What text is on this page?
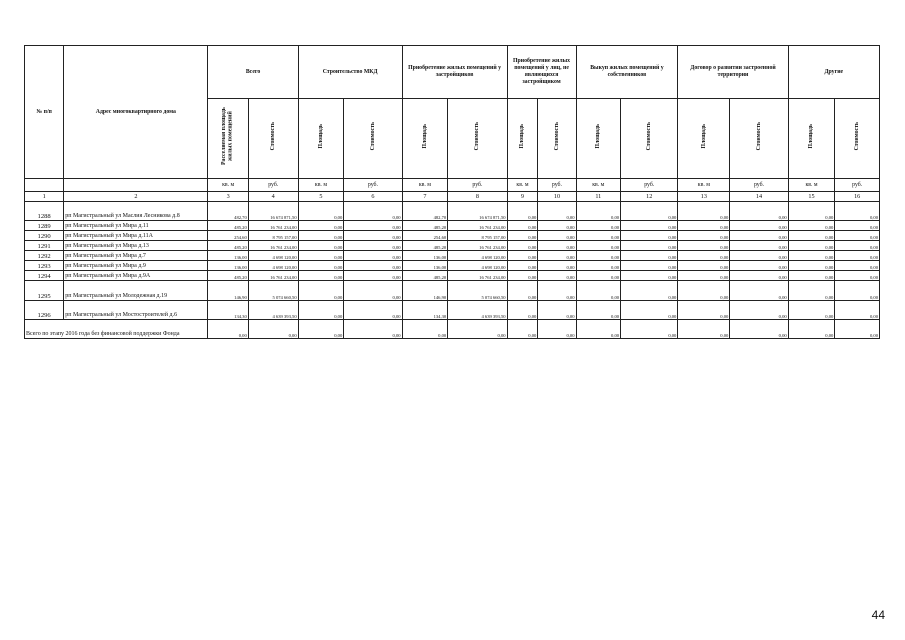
№ п/п	Адрес многоквартирного дома	Всего		Строительство МКД		Приобретение жилых помещений у застройщиков		Приобретение жилых помещений у лиц, не являющихся застройщиком		Выкуп жилых помещений у собственников		Договор о развитии застроенной территории		Другие	
		Расселяемая площадь жилых помещений	Стоимость	Площадь	Стоимость	Площадь	Стоимость	Площадь	Стоимость	Площадь	Стоимость	Площадь	Стоимость	Площадь	Стоимость
		кв. м	руб.	кв. м	руб.	кв. м	руб.	кв. м	руб.	кв. м	руб.	кв. м	руб.	кв. м	руб.
1	2	3	4	5	6	7	8	9	10	11	12	13	14	15	16
1288	рп Магистральный ул Маслия Лесникова д.8	482,70	16 674 871,50	0,00	0,00	482,70	16 674 871,50	0,00	0,00	0,00	0,00	0,00	0,00	0,00	0,00
1289	рп Магистральный ул Мира д.11	485,20	16 761 234,00	0,00	0,00	485,20	16 761 234,00	0,00	0,00	0,00	0,00	0,00	0,00	0,00	0,00
1290	рп Магистральный ул Мира д.11А	254,60	8 795 157,00	0,00	0,00	254,60	8 795 157,00	0,00	0,00	0,00	0,00	0,00	0,00	0,00	0,00
1291	рп Магистральный ул Мира д.13	485,20	16 761 234,00	0,00	0,00	485,20	16 761 234,00	0,00	0,00	0,00	0,00	0,00	0,00	0,00	0,00
1292	рп Магистральный ул Мира д.7	136,00	4 698 120,00	0,00	0,00	136,00	4 698 120,00	0,00	0,00	0,00	0,00	0,00	0,00	0,00	0,00
1293	рп Магистральный ул Мира д.9	136,00	4 698 120,00	0,00	0,00	136,00	4 698 120,00	0,00	0,00	0,00	0,00	0,00	0,00	0,00	0,00
1294	рп Магистральный ул Мира д.9А	485,20	16 761 234,00	0,00	0,00	485,20	16 761 234,00	0,00	0,00	0,00	0,00	0,00	0,00	0,00	0,00
1295	рп Магистральный ул Молодежная д.19	146,90	5 074 660,50	0,00	0,00	146,90	5 074 660,50	0,00	0,00	0,00	0,00	0,00	0,00	0,00	0,00
1296	рп Магистральный ул Мостостроителей д.6	134,30	4 639 393,50	0,00	0,00	134,30	4 639 393,50	0,00	0,00	0,00	0,00	0,00	0,00	0,00	0,00
Всего по этапу 2016 года без финансовой поддержки Фонда		0,00	0,00	0,00	0,00	0,00	0,00	0,00	0,00	0,00	0,00	0,00	0,00	0,00	0,00
44
